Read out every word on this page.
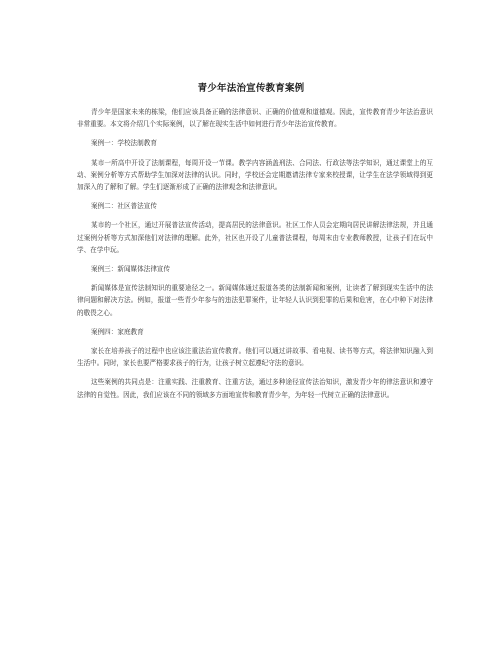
青少年法治宣传教育案例

青少年是国家未来的栋梁，他们应该具备正确的法律意识、正确的价值观和道德观。因此，宣传教育青少年法治意识非常重要。本文将介绍几个实际案例，以了解在现实生活中如何进行青少年法治宣传教育。

案例一：学校法制教育

某市一所高中开设了法制课程，每周开设一节课。教学内容涵盖刑法、合同法、行政法等法学知识，通过课堂上的互动、案例分析等方式帮助学生加深对法律的认识。同时，学校还会定期邀请法律专家来校授课，让学生在法学领域得到更加深入的了解和了解。学生们逐渐形成了正确的法律观念和法律意识。

案例二：社区普法宣传

某市的一个社区，通过开展普法宣传活动，提高居民的法律意识。社区工作人员会定期向居民讲解法律法规，并且通过案例分析等方式加深他们对法律的理解。此外，社区也开设了儿童普法课程，每周末由专业教师教授，让孩子们在玩中学、在学中玩。

案例三：新闻媒体法律宣传

新闻媒体是宣传法制知识的重要途径之一。新闻媒体通过报道各类的法制新闻和案例，让读者了解到现实生活中的法律问题和解决方法。例如，报道一些青少年参与的违法犯罪案件，让年轻人认识到犯罪的后果和危害，在心中种下对法律的敬畏之心。

案例四：家庭教育

家长在培养孩子的过程中也应该注重法治宣传教育。他们可以通过讲故事、看电视、读书等方式，将法律知识融入到生活中。同时，家长也要严格要求孩子的行为，让孩子树立起遵纪守法的意识。

这些案例的共同点是：注重实践、注重教育、注重方法，通过多种途径宣传法治知识，激发青少年的律法意识和遵守法律的自觉性。因此，我们应该在不同的领域多方面地宣传和教育青少年，为年轻一代树立正确的法律意识。
